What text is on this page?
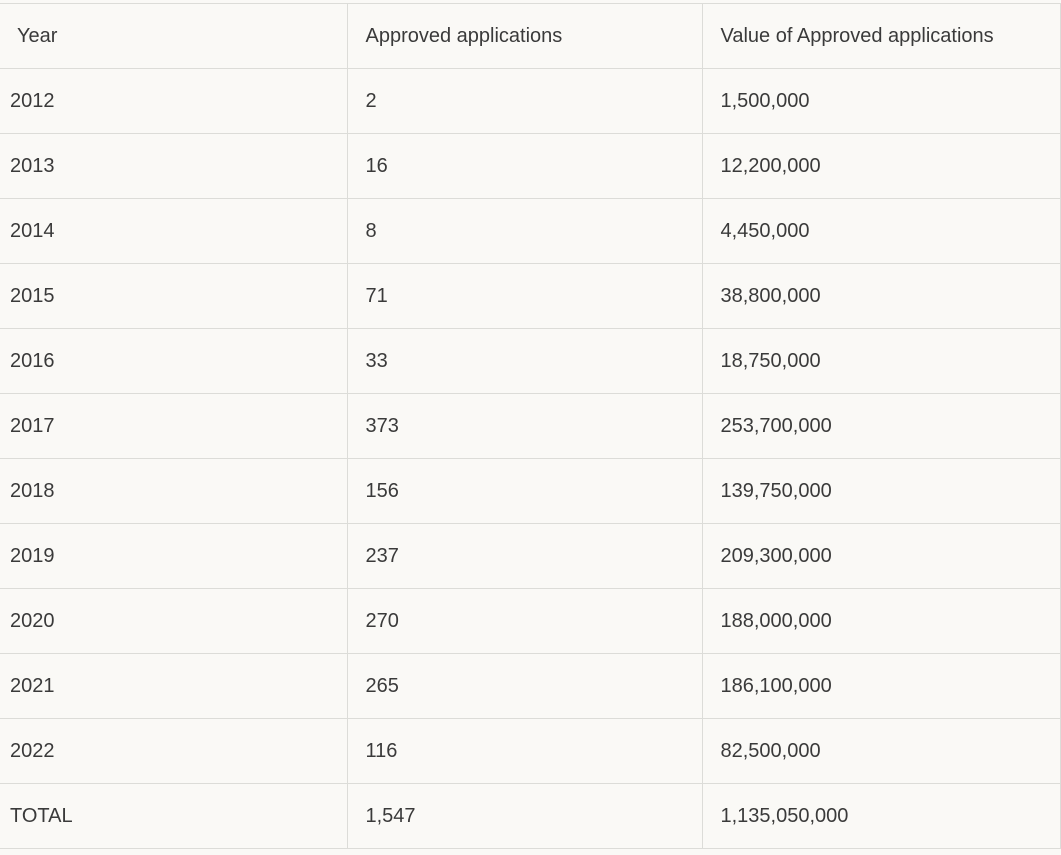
Year	Approved applications	Value of Approved applications
2012	2	1,500,000
2013	16	12,200,000
2014	8	4,450,000
2015	71	38,800,000
2016	33	18,750,000
2017	373	253,700,000
2018	156	139,750,000
2019	237	209,300,000
2020	270	188,000,000
2021	265	186,100,000
2022	116	82,500,000
TOTAL	1,547	1,135,050,000
